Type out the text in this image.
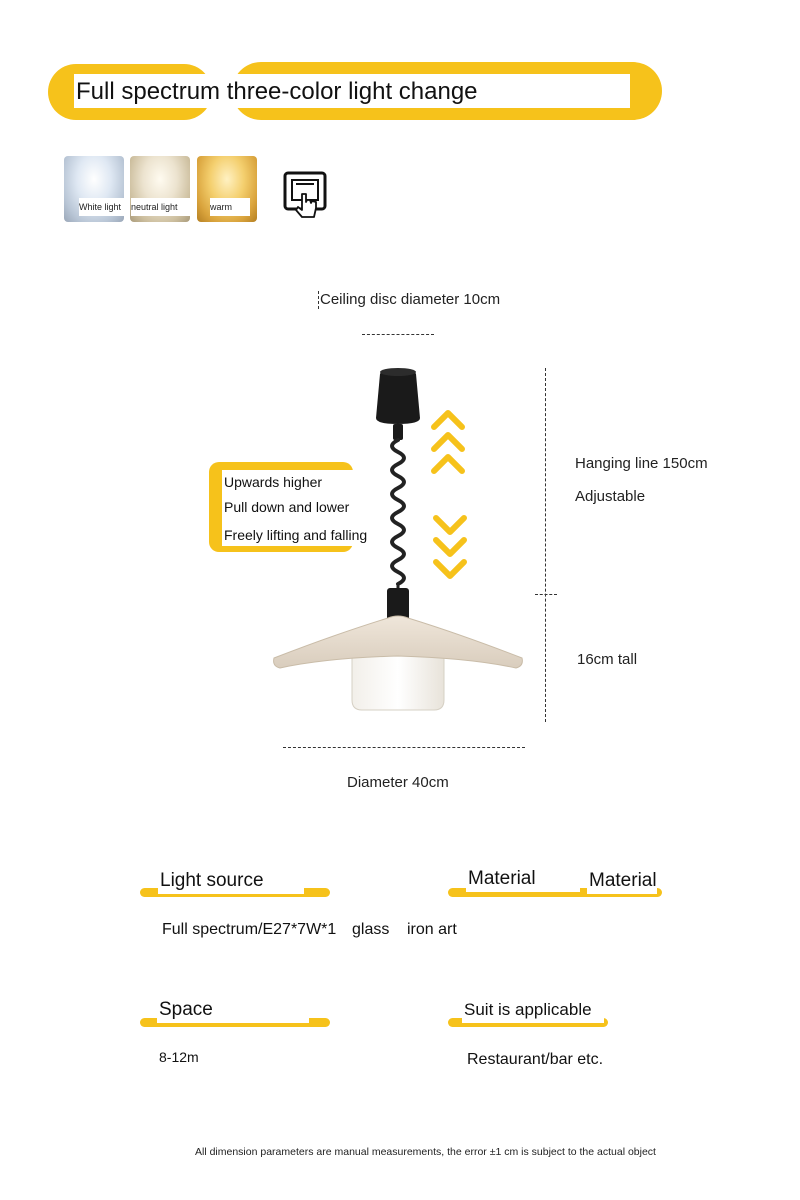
Full spectrum three-color light change
White light	neutral light	warm
Ceiling disc diameter 10cm
Hanging line 150cm
Adjustable
16cm tall
Diameter 40cm
Upwards higher
Pull down and lower
Freely lifting and falling
Light source	Material	Material
Full spectrum/E27*7W*1 glass iron art
Space
8-12m
Suit is applicable
Restaurant/bar etc.
All dimension parameters are manual measurements, the error ±1 cm is subject to the actual object
